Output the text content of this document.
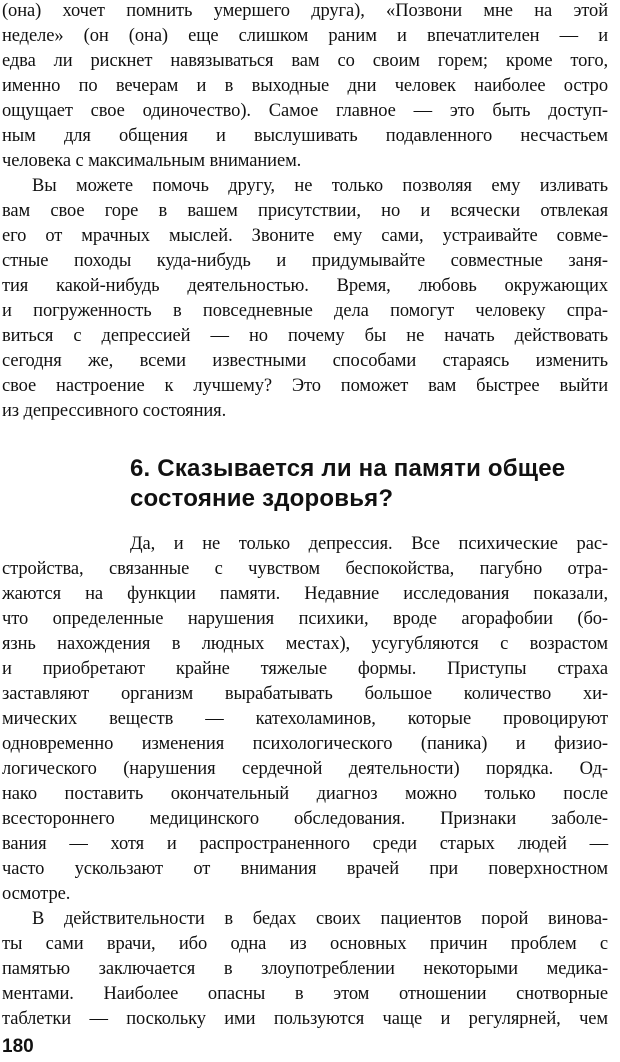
(она) хочет помнить умершего друга), «Позвони мне на этой
неделе» (он (она) еще слишком раним и впечатлителен — и
едва ли рискнет навязываться вам со своим горем; кроме того,
именно по вечерам и в выходные дни человек наиболее остро
ощущает свое одиночество). Самое главное — это быть доступ-
ным для общения и выслушивать подавленного несчастьем
человека с максимальным вниманием.
Вы можете помочь другу, не только позволяя ему изливать
вам свое горе в вашем присутствии, но и всячески отвлекая
его от мрачных мыслей. Звоните ему сами, устраивайте совме-
стные походы куда-нибудь и придумывайте совместные заня-
тия какой-нибудь деятельностью. Время, любовь окружающих
и погруженность в повседневные дела помогут человеку спра-
виться с депрессией — но почему бы не начать действовать
сегодня же, всеми известными способами стараясь изменить
свое настроение к лучшему? Это поможет вам быстрее выйти
из депрессивного состояния.
6. Сказывается ли на памяти общее
состояние здоровья?
Да, и не только депрессия. Все психические рас-
стройства, связанные с чувством беспокойства, пагубно отра-
жаются на функции памяти. Недавние исследования показали,
что определенные нарушения психики, вроде агорафобии (бо-
язнь нахождения в людных местах), усугубляются с возрастом
и приобретают крайне тяжелые формы. Приступы страха
заставляют организм вырабатывать большое количество хи-
мических веществ — катехоламинов, которые провоцируют
одновременно изменения психологического (паника) и физио-
логического (нарушения сердечной деятельности) порядка. Од-
нако поставить окончательный диагноз можно только после
всестороннего медицинского обследования. Признаки заболе-
вания — хотя и распространенного среди старых людей —
часто ускользают от внимания врачей при поверхностном
осмотре.
В действительности в бедах своих пациентов порой винова-
ты сами врачи, ибо одна из основных причин проблем с
памятью заключается в злоупотреблении некоторыми медика-
ментами. Наиболее опасны в этом отношении снотворные
таблетки — поскольку ими пользуются чаще и регулярней, чем
180
